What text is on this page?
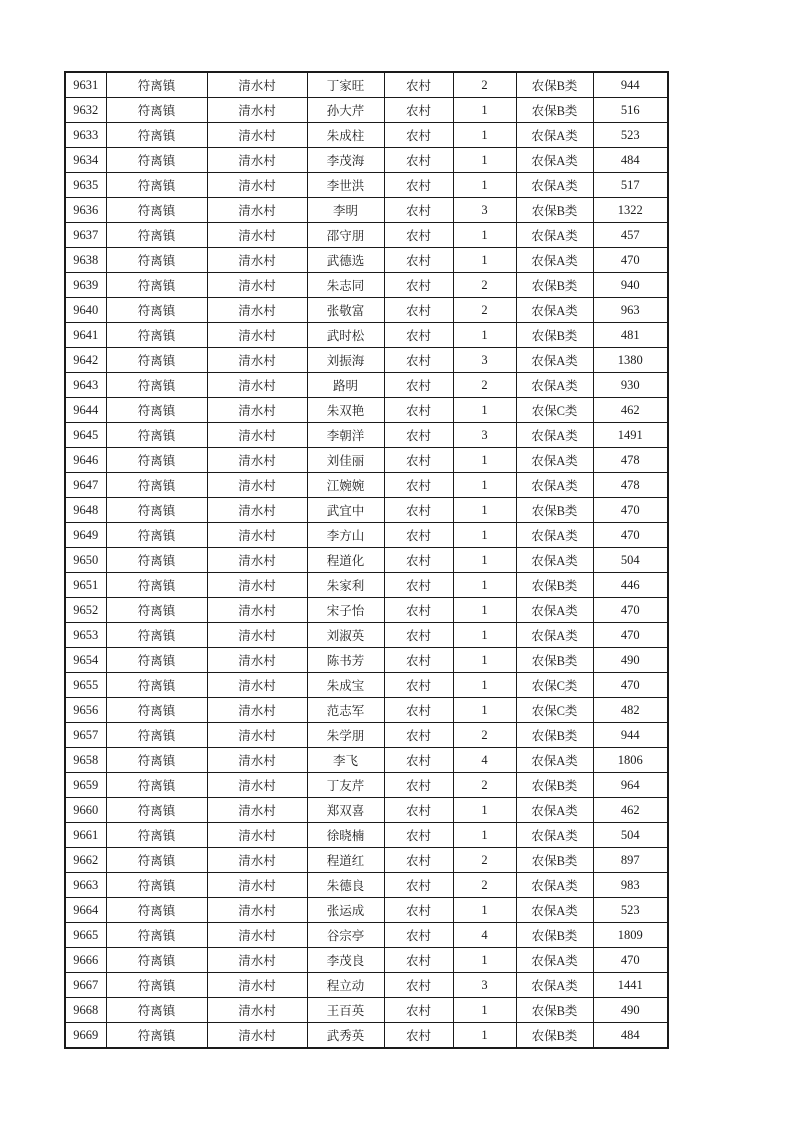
9631	符离镇	清水村	丁家旺	农村	2	农保B类	944
9632	符离镇	清水村	孙大芹	农村	1	农保B类	516
9633	符离镇	清水村	朱成柱	农村	1	农保A类	523
9634	符离镇	清水村	李茂海	农村	1	农保A类	484
9635	符离镇	清水村	李世洪	农村	1	农保A类	517
9636	符离镇	清水村	李明	农村	3	农保B类	1322
9637	符离镇	清水村	邵守朋	农村	1	农保A类	457
9638	符离镇	清水村	武德选	农村	1	农保A类	470
9639	符离镇	清水村	朱志同	农村	2	农保B类	940
9640	符离镇	清水村	张敬富	农村	2	农保A类	963
9641	符离镇	清水村	武时松	农村	1	农保B类	481
9642	符离镇	清水村	刘振海	农村	3	农保A类	1380
9643	符离镇	清水村	路明	农村	2	农保A类	930
9644	符离镇	清水村	朱双艳	农村	1	农保C类	462
9645	符离镇	清水村	李朝洋	农村	3	农保A类	1491
9646	符离镇	清水村	刘佳丽	农村	1	农保A类	478
9647	符离镇	清水村	江婉婉	农村	1	农保A类	478
9648	符离镇	清水村	武宜中	农村	1	农保B类	470
9649	符离镇	清水村	李方山	农村	1	农保A类	470
9650	符离镇	清水村	程道化	农村	1	农保A类	504
9651	符离镇	清水村	朱家利	农村	1	农保B类	446
9652	符离镇	清水村	宋子怡	农村	1	农保A类	470
9653	符离镇	清水村	刘淑英	农村	1	农保A类	470
9654	符离镇	清水村	陈书芳	农村	1	农保B类	490
9655	符离镇	清水村	朱成宝	农村	1	农保C类	470
9656	符离镇	清水村	范志军	农村	1	农保C类	482
9657	符离镇	清水村	朱学朋	农村	2	农保B类	944
9658	符离镇	清水村	李飞	农村	4	农保A类	1806
9659	符离镇	清水村	丁友芹	农村	2	农保B类	964
9660	符离镇	清水村	郑双喜	农村	1	农保A类	462
9661	符离镇	清水村	徐晓楠	农村	1	农保A类	504
9662	符离镇	清水村	程道红	农村	2	农保B类	897
9663	符离镇	清水村	朱德良	农村	2	农保A类	983
9664	符离镇	清水村	张运成	农村	1	农保A类	523
9665	符离镇	清水村	谷宗亭	农村	4	农保B类	1809
9666	符离镇	清水村	李茂良	农村	1	农保A类	470
9667	符离镇	清水村	程立动	农村	3	农保A类	1441
9668	符离镇	清水村	王百英	农村	1	农保B类	490
9669	符离镇	清水村	武秀英	农村	1	农保B类	484
